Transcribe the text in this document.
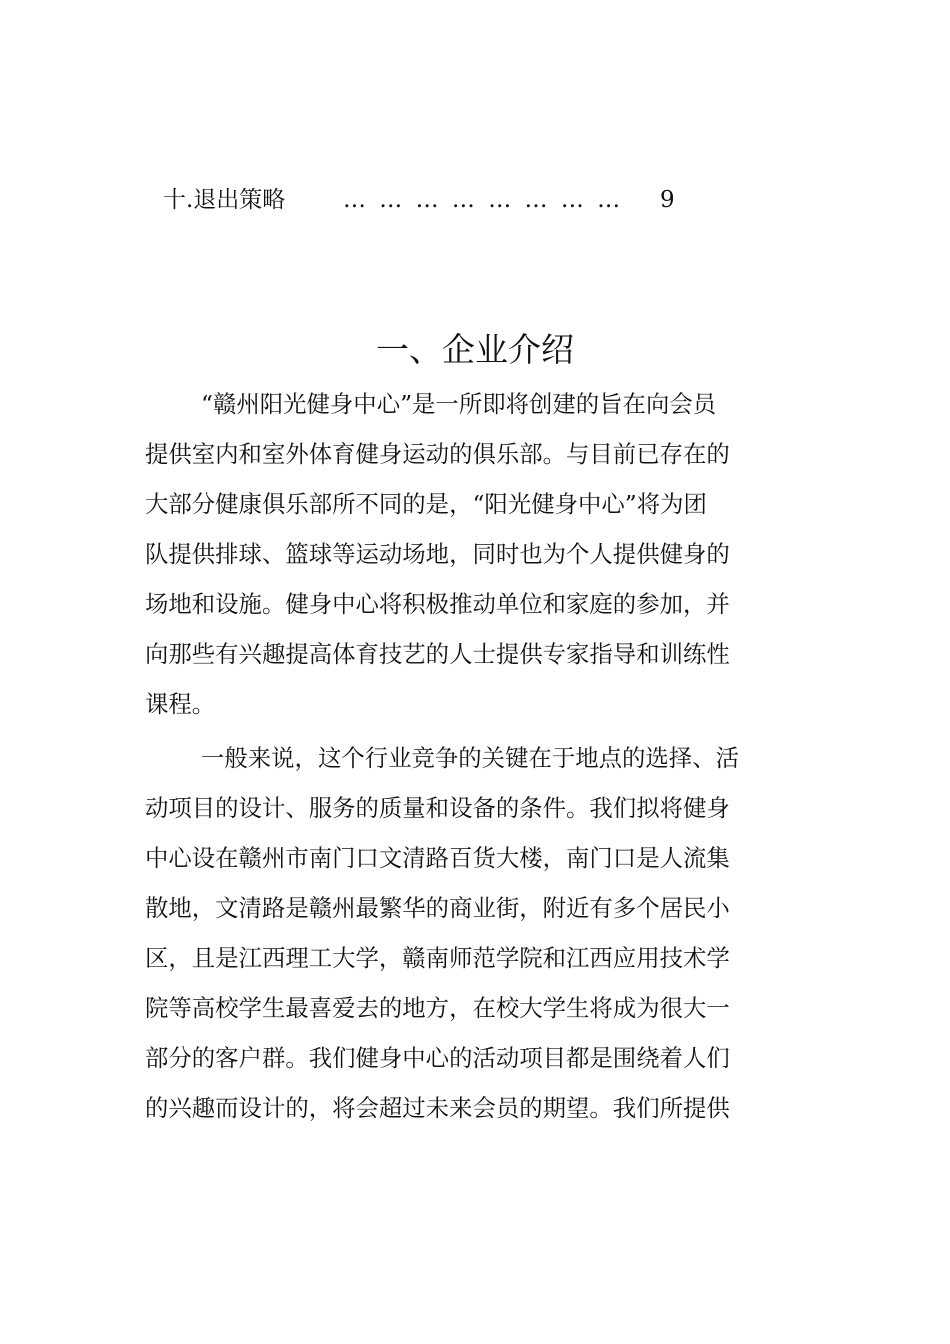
十.退出策略	… … … … … … … … 9
一、企业介绍

“赣州阳光健身中心”是一所即将创建的旨在向会员
提供室内和室外体育健身运动的俱乐部。与目前已存在的
大部分健康俱乐部所不同的是，“阳光健身中心”将为团
队提供排球、篮球等运动场地，同时也为个人提供健身的
场地和设施。健身中心将积极推动单位和家庭的参加，并
向那些有兴趣提高体育技艺的人士提供专家指导和训练性
课程。

一般来说，这个行业竞争的关键在于地点的选择、活
动项目的设计、服务的质量和设备的条件。我们拟将健身
中心设在赣州市南门口文清路百货大楼，南门口是人流集
散地，文清路是赣州最繁华的商业街，附近有多个居民小
区，且是江西理工大学，赣南师范学院和江西应用技术学
院等高校学生最喜爱去的地方，在校大学生将成为很大一
部分的客户群。我们健身中心的活动项目都是围绕着人们
的兴趣而设计的，将会超过未来会员的期望。我们所提供
